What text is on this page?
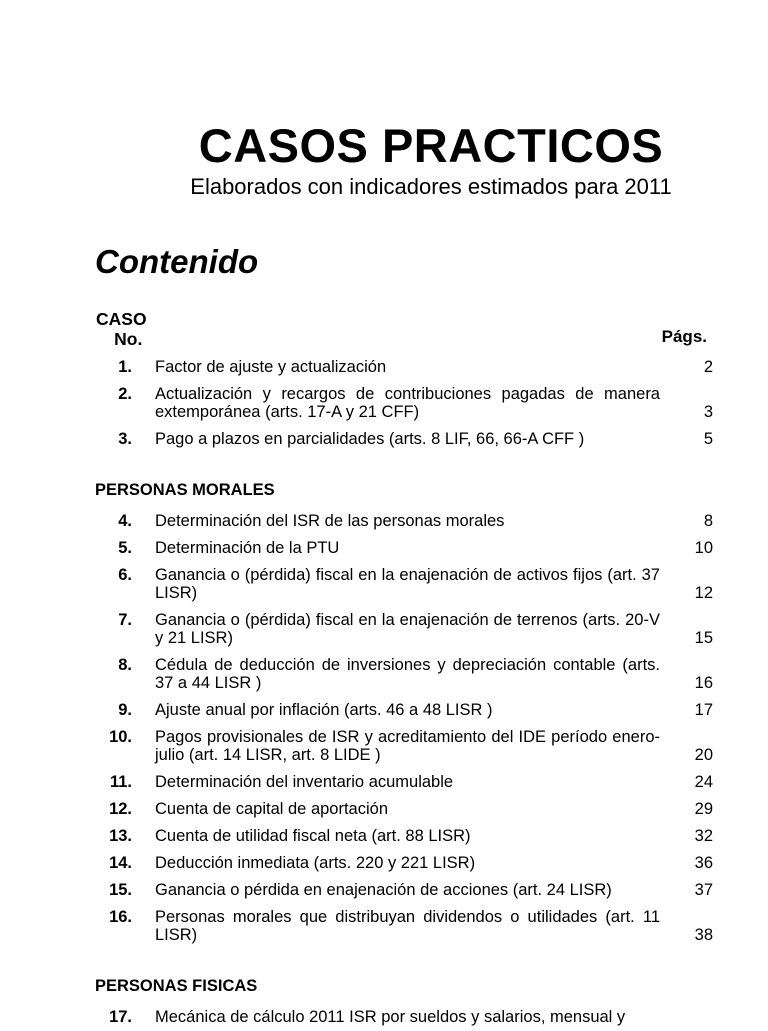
CASOS PRACTICOS

Elaborados con indicadores estimados para 2011

Contenido
CASO
No.	Págs.
1. Factor de ajuste y actualización	2
2. Actualización y recargos de contribuciones pagadas de manera extemporánea (arts. 17-A y 21 CFF)	3
3. Pago a plazos en parcialidades (arts. 8 LIF, 66, 66-A CFF )	5
PERSONAS MORALES
4. Determinación del ISR de las personas morales	8
5. Determinación de la PTU	10
6. Ganancia o (pérdida) fiscal en la enajenación de activos fijos (art. 37 LISR)	12
7. Ganancia o (pérdida) fiscal en la enajenación de terrenos (arts. 20-V y 21 LISR)	15
8. Cédula de deducción de inversiones y depreciación contable (arts. 37 a 44 LISR )	16
9. Ajuste anual por inflación (arts. 46 a 48 LISR )	17
10. Pagos provisionales de ISR y acreditamiento del IDE período enero-julio (art. 14 LISR, art. 8 LIDE )	20
11. Determinación del inventario acumulable	24
12. Cuenta de capital de aportación	29
13. Cuenta de utilidad fiscal neta (art. 88 LISR)	32
14. Deducción inmediata (arts. 220 y 221 LISR)	36
15. Ganancia o pérdida en enajenación de acciones (art. 24 LISR)	37
16. Personas morales que distribuyan dividendos o utilidades (art. 11 LISR)	38
PERSONAS FISICAS
17. Mecánica de cálculo 2011 ISR por sueldos y salarios, mensual y
